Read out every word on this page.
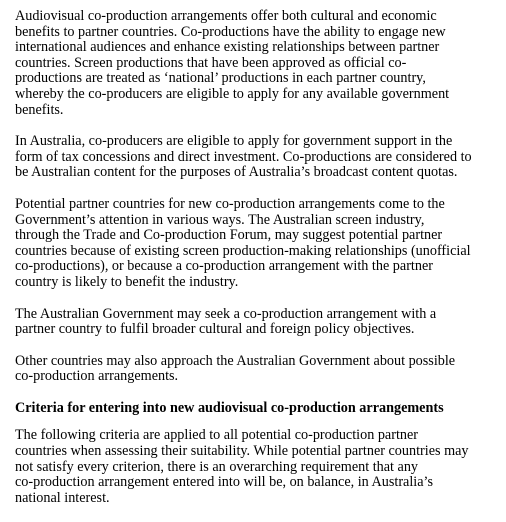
Audiovisual co-production arrangements offer both cultural and economic
benefits to partner countries. Co-productions have the ability to engage new
international audiences and enhance existing relationships between partner
countries. Screen productions that have been approved as official co-
productions are treated as ‘national’ productions in each partner country,
whereby the co-producers are eligible to apply for any available government
benefits.

In Australia, co-producers are eligible to apply for government support in the
form of tax concessions and direct investment. Co-productions are considered to
be Australian content for the purposes of Australia’s broadcast content quotas.

Potential partner countries for new co-production arrangements come to the
Government’s attention in various ways. The Australian screen industry,
through the Trade and Co-production Forum, may suggest potential partner
countries because of existing screen production-making relationships (unofficial
co-productions), or because a co-production arrangement with the partner
country is likely to benefit the industry.

The Australian Government may seek a co-production arrangement with a
partner country to fulfil broader cultural and foreign policy objectives.

Other countries may also approach the Australian Government about possible
co-production arrangements.

Criteria for entering into new audiovisual co-production arrangements

The following criteria are applied to all potential co-production partner
countries when assessing their suitability. While potential partner countries may
not satisfy every criterion, there is an overarching requirement that any
co-production arrangement entered into will be, on balance, in Australia’s
national interest.
